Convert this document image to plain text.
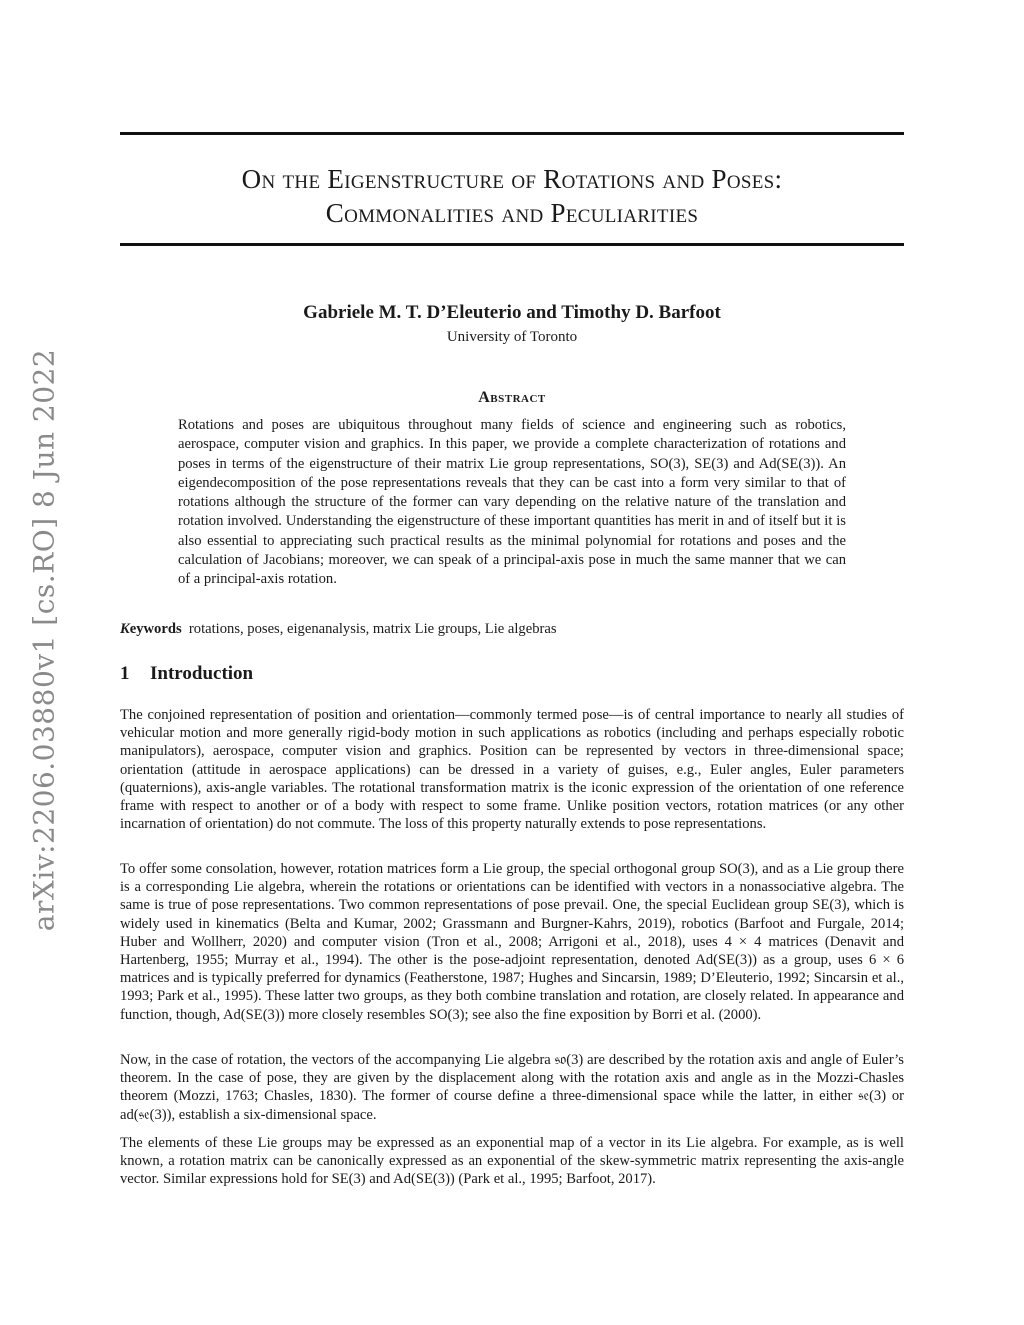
On the Eigenstructure of Rotations and Poses:
Commonalities and Peculiarities
Gabriele M. T. D’Eleuterio and Timothy D. Barfoot
University of Toronto
Abstract
Rotations and poses are ubiquitous throughout many fields of science and engineering such as robotics, aerospace, computer vision and graphics. In this paper, we provide a complete characterization of rotations and poses in terms of the eigenstructure of their matrix Lie group representations, SO(3), SE(3) and Ad(SE(3)). An eigendecomposition of the pose representations reveals that they can be cast into a form very similar to that of rotations although the structure of the former can vary depending on the relative nature of the translation and rotation involved. Understanding the eigenstructure of these important quantities has merit in and of itself but it is also essential to appreciating such practical results as the minimal polynomial for rotations and poses and the calculation of Jacobians; moreover, we can speak of a principal-axis pose in much the same manner that we can of a principal-axis rotation.
Keywords rotations, poses, eigenanalysis, matrix Lie groups, Lie algebras
1 Introduction

The conjoined representation of position and orientation—commonly termed pose—is of central importance to nearly all studies of vehicular motion and more generally rigid-body motion in such applications as robotics (including and perhaps especially robotic manipulators), aerospace, computer vision and graphics. Position can be represented by vectors in three-dimensional space; orientation (attitude in aerospace applications) can be dressed in a variety of guises, e.g., Euler angles, Euler parameters (quaternions), axis-angle variables. The rotational transformation matrix is the iconic expression of the orientation of one reference frame with respect to another or of a body with respect to some frame. Unlike position vectors, rotation matrices (or any other incarnation of orientation) do not commute. The loss of this property naturally extends to pose representations.

To offer some consolation, however, rotation matrices form a Lie group, the special orthogonal group SO(3), and as a Lie group there is a corresponding Lie algebra, wherein the rotations or orientations can be identified with vectors in a nonassociative algebra. The same is true of pose representations. Two common representations of pose prevail. One, the special Euclidean group SE(3), which is widely used in kinematics (Belta and Kumar, 2002; Grassmann and Burgner-Kahrs, 2019), robotics (Barfoot and Furgale, 2014; Huber and Wollherr, 2020) and computer vision (Tron et al., 2008; Arrigoni et al., 2018), uses 4 × 4 matrices (Denavit and Hartenberg, 1955; Murray et al., 1994). The other is the pose-adjoint representation, denoted Ad(SE(3)) as a group, uses 6 × 6 matrices and is typically preferred for dynamics (Featherstone, 1987; Hughes and Sincarsin, 1989; D’Eleuterio, 1992; Sincarsin et al., 1993; Park et al., 1995). These latter two groups, as they both combine translation and rotation, are closely related. In appearance and function, though, Ad(SE(3)) more closely resembles SO(3); see also the fine exposition by Borri et al. (2000).

Now, in the case of rotation, the vectors of the accompanying Lie algebra 𝔰𝔬(3) are described by the rotation axis and angle of Euler’s theorem. In the case of pose, they are given by the displacement along with the rotation axis and angle as in the Mozzi-Chasles theorem (Mozzi, 1763; Chasles, 1830). The former of course define a three-dimensional space while the latter, in either 𝔰𝔢(3) or ad(𝔰𝔢(3)), establish a six-dimensional space.

The elements of these Lie groups may be expressed as an exponential map of a vector in its Lie algebra. For example, as is well known, a rotation matrix can be canonically expressed as an exponential of the skew-symmetric matrix representing the axis-angle vector. Similar expressions hold for SE(3) and Ad(SE(3)) (Park et al., 1995; Barfoot, 2017).

arXiv:2206.03880v1 [cs.RO] 8 Jun 2022
